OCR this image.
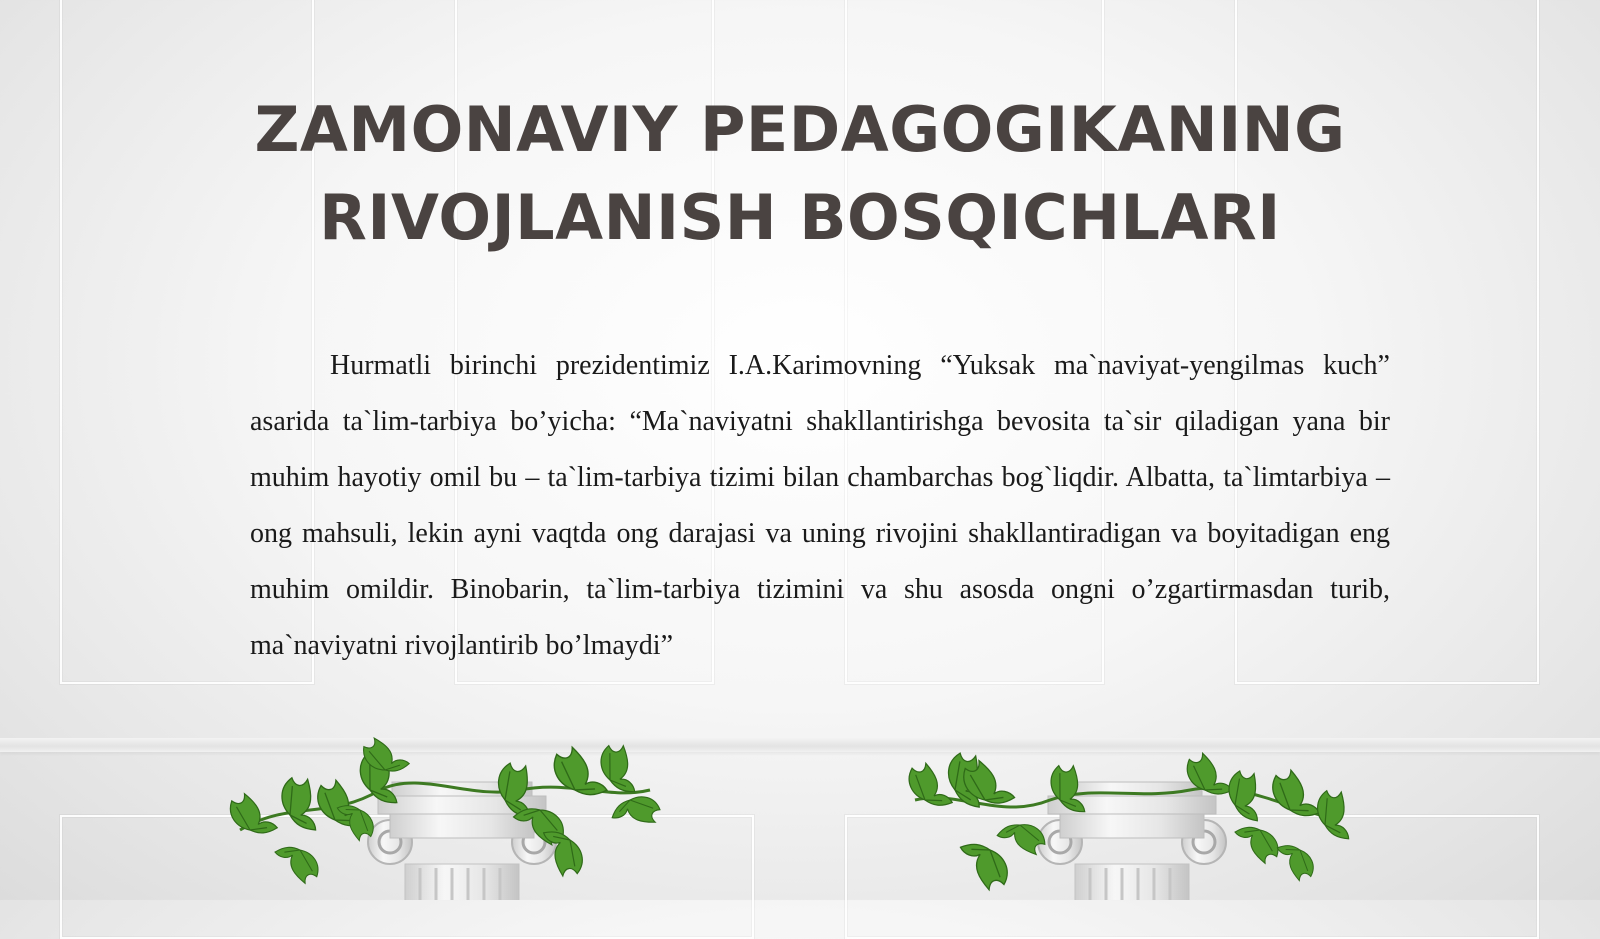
ZAMONAVIY PEDAGOGIKANING RIVOJLANISH BOSQICHLARI
Hurmatli birinchi prezidentimiz I.A.Karimovning “Yuksak ma`naviyat-yengilmas kuch” asarida ta`lim-tarbiya bo’yicha: “Ma`naviyatni shakllantirishga bevosita ta`sir qiladigan yana bir muhim hayotiy omil bu – ta`lim-tarbiya tizimi bilan chambarchas bog`liqdir. Albatta, ta`limtarbiya – ong mahsuli, lekin ayni vaqtda ong darajasi va uning rivojini shakllantiradigan va boyitadigan eng muhim omildir. Binobarin, ta`lim-tarbiya tizimini va shu asosda ongni o’zgartirmasdan turib, ma`naviyatni rivojlantirib bo’lmaydi”
